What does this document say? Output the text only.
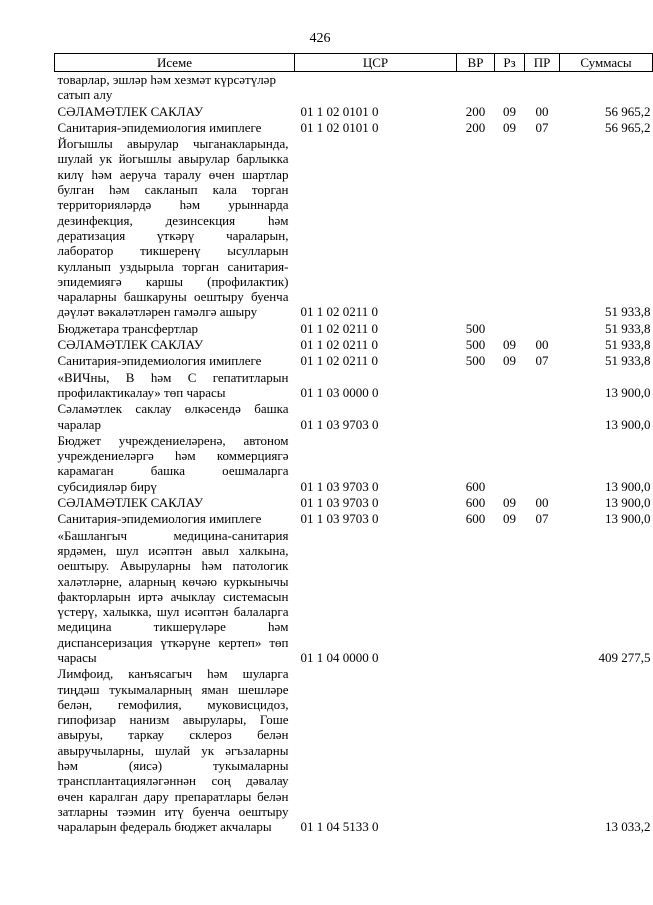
426
Исеме	ЦСР	ВР	Рз	ПР	Суммасы
товарлар, эшләр һәм хезмәт күрсәтүләр сатып алу					
СӘЛАМӘТЛЕК САКЛАУ	01 1 02 0101 0	200	09	00	56 965,2
Санитария-эпидемиология имиплеге	01 1 02 0101 0	200	09	07	56 965,2
Йогышлы авырулар чыганакларында, шулай ук йогышлы авырулар барлыкка килү һәм аеруча таралу өчен шартлар булган һәм сакланып кала торган территорияләрдә һәм урыннарда дезинфекция, дезинсекция һәм дератизация үткәрү чараларын, лаборатор тикшеренү ысулларын кулланып уздырыла торган санитария-эпидемиягә каршы (профилактик) чараларны башкаруны оештыру буенча дәүләт вәкаләтләрен гамәлгә ашыру	01 1 02 0211 0				51 933,8
Бюджетара трансфертлар	01 1 02 0211 0	500			51 933,8
СӘЛАМӘТЛЕК САКЛАУ	01 1 02 0211 0	500	09	00	51 933,8
Санитария-эпидемиология имиплеге	01 1 02 0211 0	500	09	07	51 933,8
«ВИЧны, В һәм С гепатитларын профилактикалау» төп чарасы	01 1 03 0000 0				13 900,0
Сәламәтлек саклау өлкәсендә башка чаралар	01 1 03 9703 0				13 900,0
Бюджет учреждениеләренә, автоном учреждениеләргә һәм коммерциягә карамаган башка оешмаларга субсидияләр бирү	01 1 03 9703 0	600			13 900,0
СӘЛАМӘТЛЕК САКЛАУ	01 1 03 9703 0	600	09	00	13 900,0
Санитария-эпидемиология имиплеге	01 1 03 9703 0	600	09	07	13 900,0
«Башлангыч медицина-санитария ярдәмен, шул исәптән авыл халкына, оештыру. Авыруларны һәм патологик халәтләрне, аларның көчәю куркынычы факторларын иртә ачыклау системасын үстерү, халыкка, шул исәптән балаларга медицина тикшерүләре һәм диспансеризация үткәрүне кертеп» төп чарасы	01 1 04 0000 0				409 277,5
Лимфоид, канъясагыч һәм шуларга тиңдәш тукымаларның яман шешләре белән, гемофилия, муковисцидоз, гипофизар нанизм авырулары, Гоше авыруы, таркау склероз белән авыручыларны, шулай ук әгъзаларны һәм (яисә) тукымаларны трансплантацияләгәннән соң дәвалау өчен каралган дару препаратлары белән затларны тәэмин итү буенча оештыру чараларын федераль бюджет акчалары	01 1 04 5133 0				13 033,2
